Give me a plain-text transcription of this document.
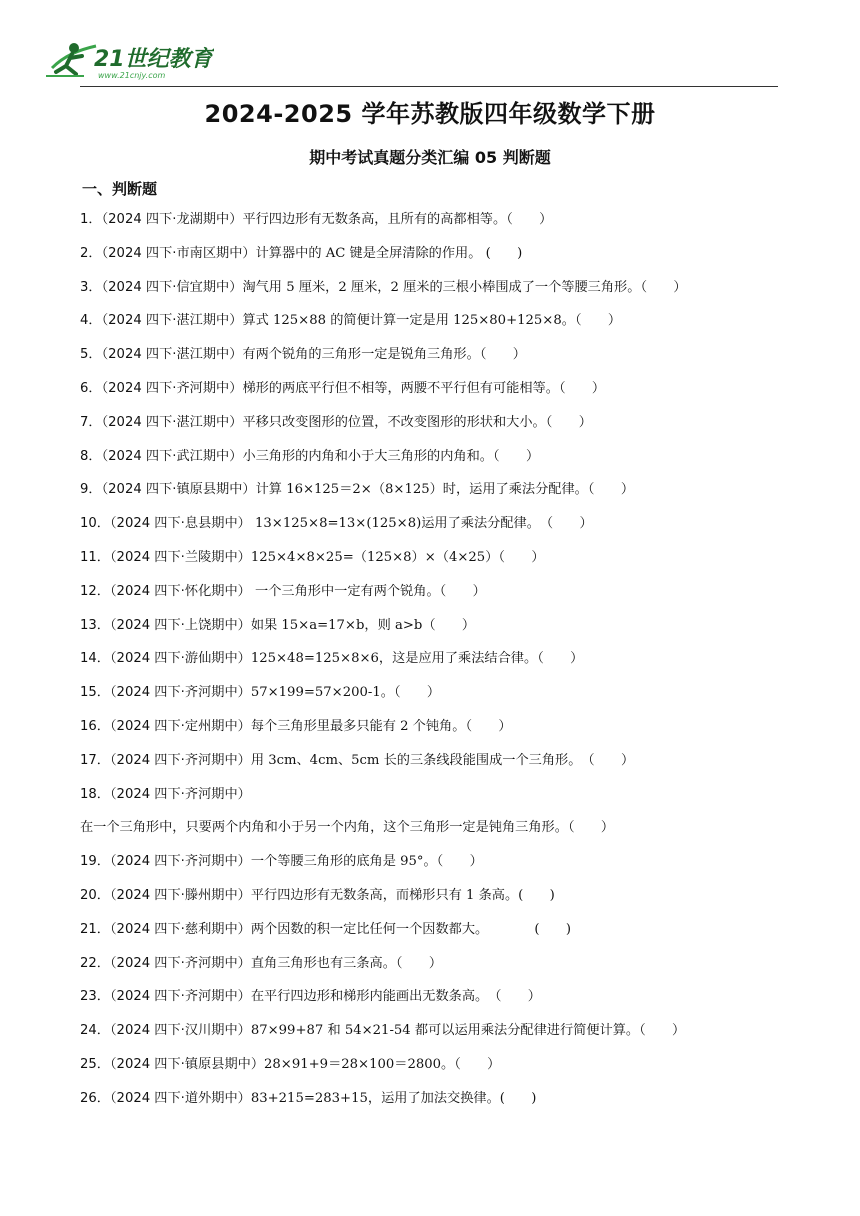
21世纪教育
www.21cnjy.com
2024-2025 学年苏教版四年级数学下册
期中考试真题分类汇编 05 判断题
一、判断题
1．（2024 四下·龙湖期中）平行四边形有无数条高，且所有的高都相等。（　　）
2．（2024 四下·市南区期中）计算器中的 AC 键是全屏清除的作用。 (　　)
3．（2024 四下·信宜期中）淘气用 5 厘米，2 厘米，2 厘米的三根小棒围成了一个等腰三角形。（　　）
4．（2024 四下·湛江期中）算式 125×88 的简便计算一定是用 125×80+125×8。（　　）
5．（2024 四下·湛江期中）有两个锐角的三角形一定是锐角三角形。（　　）
6．（2024 四下·齐河期中）梯形的两底平行但不相等，两腰不平行但有可能相等。（　　）
7．（2024 四下·湛江期中）平移只改变图形的位置，不改变图形的形状和大小。（　　）
8．（2024 四下·武江期中）小三角形的内角和小于大三角形的内角和。（　　）
9．（2024 四下·镇原县期中）计算 16×125＝2×（8×125）时，运用了乘法分配律。（　　）
10．（2024 四下·息县期中） 13×125×8=13×(125×8)运用了乘法分配律。　（　　）
11．（2024 四下·兰陵期中）125×4×8×25=（125×8）×（4×25）（　　）
12．（2024 四下·怀化期中） 一个三角形中一定有两个锐角。（　　）
13．（2024 四下·上饶期中）如果 15×a=17×b，则 a>b（　　）
14．（2024 四下·游仙期中）125×48=125×8×6，这是应用了乘法结合律。（　　）
15．（2024 四下·齐河期中）57×199=57×200-1。（　　）
16．（2024 四下·定州期中）每个三角形里最多只能有 2 个钝角。（　　）
17．（2024 四下·齐河期中）用 3cm、4cm、5cm 长的三条线段能围成一个三角形。　（　　）
18．（2024 四下·齐河期中）在一个三角形中，只要两个内角和小于另一个内角，这个三角形一定是钝角三角形。（　　）
19．（2024 四下·齐河期中）一个等腰三角形的底角是 95°。（　　）
20．（2024 四下·滕州期中）平行四边形有无数条高，而梯形只有 1 条高。(　　)
21．（2024 四下·慈利期中）两个因数的积一定比任何一个因数都大。　　　　(　　)
22．（2024 四下·齐河期中）直角三角形也有三条高。（　　）
23．（2024 四下·齐河期中）在平行四边形和梯形内能画出无数条高。　（　　）
24．（2024 四下·汉川期中）87×99+87 和 54×21-54 都可以运用乘法分配律进行简便计算。（　　）
25．（2024 四下·镇原县期中）28×91+9＝28×100＝2800。（　　）
26．（2024 四下·道外期中）83+215=283+15，运用了加法交换律。(　　)
